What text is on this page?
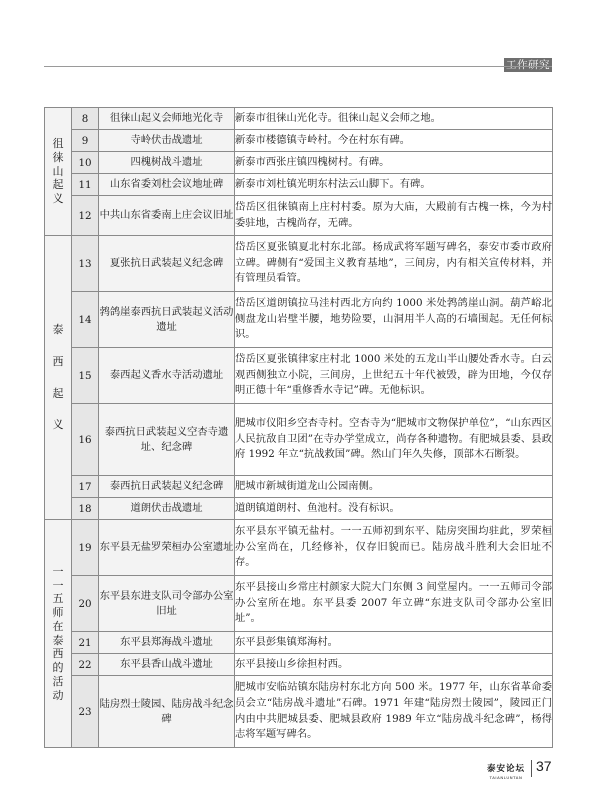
工作研究
徂徕山起义	8	徂徕山起义会师地光化寺	新泰市徂徕山光化寺。徂徕山起义会师之地。
	9	寺岭伏击战遗址	新泰市楼德镇寺岭村。今在村东有碑。
	10	四槐树战斗遗址	新泰市西张庄镇四槐树村。有碑。
	11	山东省委刘杜会议地址碑	新泰市刘杜镇光明东村法云山脚下。有碑。
	12	中共山东省委南上庄会议旧址	岱岳区徂徕镇南上庄村村委。原为大庙，大殿前有古槐一株，今为村委驻地，古槐尚存，无碑。
泰西起义	13	夏张抗日武装起义纪念碑	岱岳区夏张镇夏北村东北部。杨成武将军题写碑名，泰安市委市政府立碑。碑侧有“爱国主义教育基地”，三间房，内有相关宣传材料，并有管理员看管。
	14	鹁鸽崖泰西抗日武装起义活动遗址	岱岳区道朗镇拉马洼村西北方向约 1000 米处鹁鸽崖山洞。葫芦峪北侧盘龙山岩壁半腰，地势险要，山洞用半人高的石墙围起。无任何标识。
	15	泰西起义香水寺活动遗址	岱岳区夏张镇律家庄村北 1000 米处的五龙山半山腰处香水寺。白云观西侧独立小院，三间房，上世纪五十年代被毁，辟为田地，今仅存明正德十年“重修香水寺记”碑。无他标识。
	16	泰西抗日武装起义空杏寺遗址、纪念碑	肥城市仪阳乡空杏寺村。空杏寺为“肥城市文物保护单位”，“山东西区人民抗敌自卫团”在寺办学堂成立，尚存各种遗物。有肥城县委、县政府 1992 年立“抗战救国”碑。然山门年久失修，顶部木石断裂。
	17	泰西抗日武装起义纪念碑	肥城市新城街道龙山公园南侧。
	18	道朗伏击战遗址	道朗镇道朗村、鱼池村。没有标识。
一一五师在泰西的活动	19	东平县无盐罗荣桓办公室遗址	东平县东平镇无盐村。一一五师初到东平、陆房突围均驻此，罗荣桓办公室尚在，几经修补，仅存旧貌而已。陆房战斗胜利大会旧址不存。
	20	东平县东进支队司令部办公室旧址	东平县接山乡常庄村颜家大院大门东侧 3 间堂屋内。一一五师司令部办公室所在地。东平县委 2007 年立碑“东进支队司令部办公室旧址”。
	21	东平县郑海战斗遗址	东平县彭集镇郑海村。
	22	东平县香山战斗遗址	东平县接山乡徐担村西。
	23	陆房烈士陵园、陆房战斗纪念碑	肥城市安临站镇东陆房村东北方向 500 米。1977 年，山东省革命委员会立“陆房战斗遗址”石碑。1971 年建“陆房烈士陵园”，陵园正门内由中共肥城县委、肥城县政府 1989 年立“陆房战斗纪念碑”，杨得志将军题写碑名。
泰安论坛
TAIANLUNTAN
37
